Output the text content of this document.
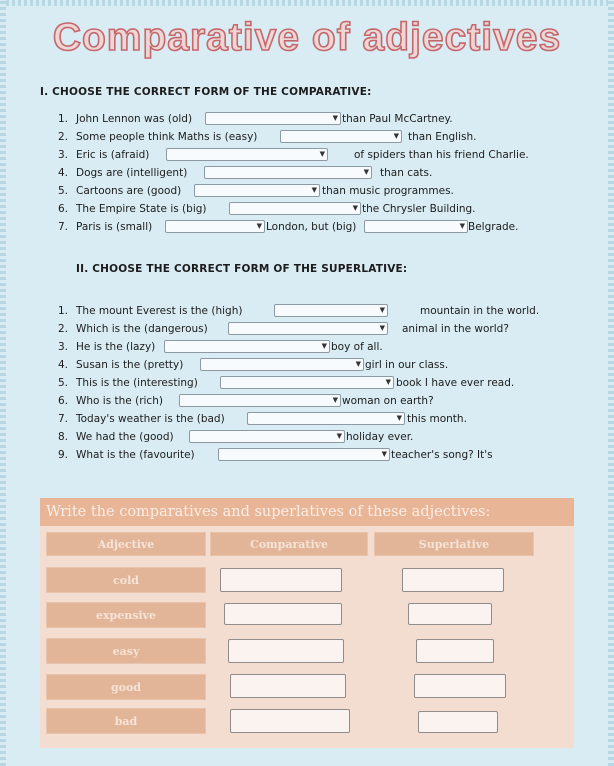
Comparative of adjectives
I. CHOOSE THE CORRECT FORM OF THE COMPARATIVE:
1. John Lennon was (old)	▼ than Paul McCartney.
2. Some people think Maths is (easy)	▼ than English.
3. Eric is (afraid)	▼	of spiders than his friend Charlie.
4. Dogs are (intelligent)	▼ than cats.
5. Cartoons are (good)	▼ than music programmes.
6. The Empire State is (big)	▼ the Chrysler Building.
7. Paris is (small)	▼ London, but (big)	▼ Belgrade.
II. CHOOSE THE CORRECT FORM OF THE SUPERLATIVE:
1. The mount Everest is the (high)	▼	mountain in the world.
2. Which is the (dangerous)	▼ animal in the world?
3. He is the (lazy)	▼ boy of all.
4. Susan is the (pretty)	▼ girl in our class.
5. This is the (interesting)	▼ book I have ever read.
6. Who is the (rich)	▼ woman on earth?
7. Today's weather is the (bad)	▼ this month.
8. We had the (good)	▼ holiday ever.
9. What is the (favourite)	▼ teacher's song? It's
Write the comparatives and superlatives of these adjectives:
Adjective	Comparative	Superlative
cold
expensive
easy
good
bad
